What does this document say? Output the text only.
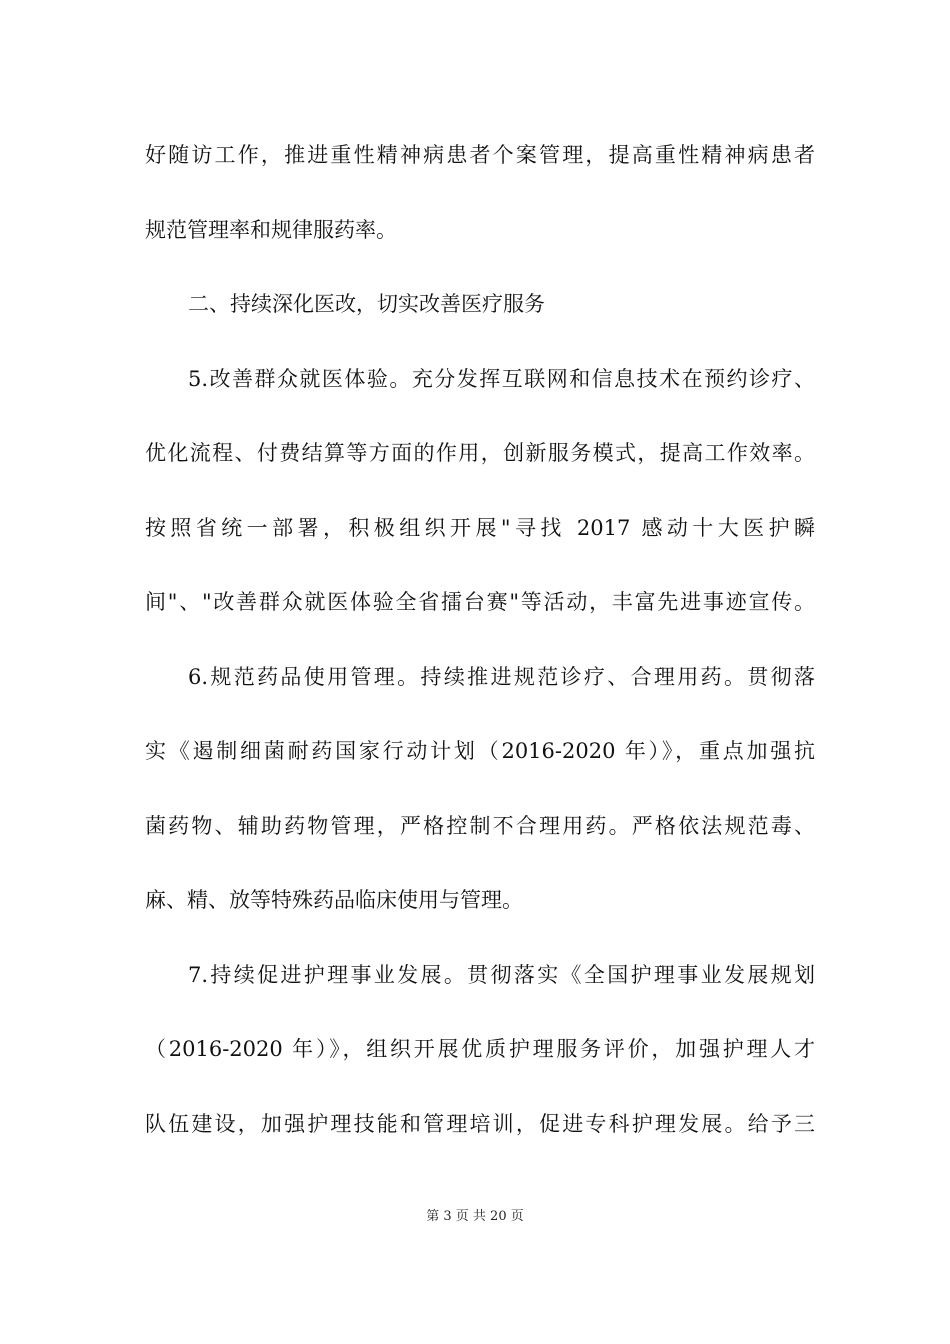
好随访工作，推进重性精神病患者个案管理，提高重性精神病患者
规范管理率和规律服药率。
二、持续深化医改，切实改善医疗服务
5.改善群众就医体验。充分发挥互联网和信息技术在预约诊疗、
优化流程、付费结算等方面的作用，创新服务模式，提高工作效率。
按照省统一部署，积极组织开展"寻找 2017 感动十大医护瞬
间"、"改善群众就医体验全省擂台赛"等活动，丰富先进事迹宣传。
6.规范药品使用管理。持续推进规范诊疗、合理用药。贯彻落
实《遏制细菌耐药国家行动计划（2016-2020 年）》，重点加强抗
菌药物、辅助药物管理，严格控制不合理用药。严格依法规范毒、
麻、精、放等特殊药品临床使用与管理。
7.持续促进护理事业发展。贯彻落实《全国护理事业发展规划
（2016-2020 年）》，组织开展优质护理服务评价，加强护理人才
队伍建设，加强护理技能和管理培训，促进专科护理发展。给予三
第 3 页 共 20 页
